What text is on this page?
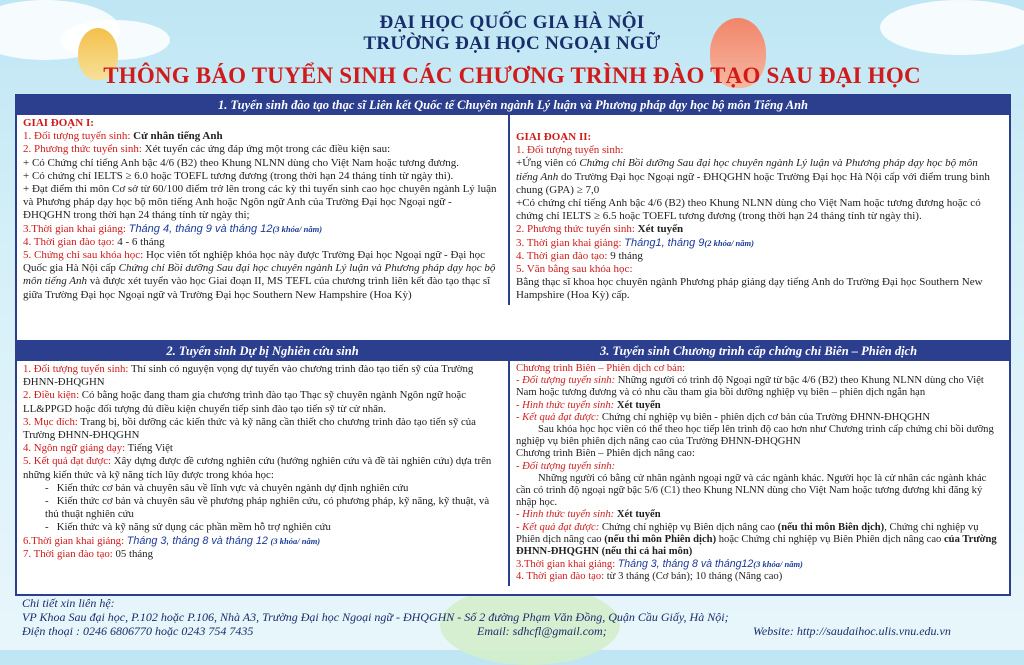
ĐẠI HỌC QUỐC GIA HÀ NỘI
TRƯỜNG ĐẠI HỌC NGOẠI NGỮ
THÔNG BÁO TUYỂN SINH CÁC CHƯƠNG TRÌNH ĐÀO TẠO SAU ĐẠI HỌC
1. Tuyển sinh đào tạo thạc sĩ Liên kết Quốc tế Chuyên ngành Lý luận và Phương pháp dạy học bộ môn Tiếng Anh
GIAI ĐOẠN I:
1. Đối tượng tuyển sinh: Cử nhân tiếng Anh
2. Phương thức tuyển sinh: Xét tuyển các ứng đáp ứng một trong các điều kiện sau:
+ Có Chứng chỉ tiếng Anh bậc 4/6 (B2) theo Khung NLNN dùng cho Việt Nam hoặc tương đương.
+ Có chứng chỉ IELTS ≥ 6.0 hoặc TOEFL tương đương (trong thời hạn 24 tháng tính từ ngày thi).
+ Đạt điểm thi môn Cơ sở từ 60/100 điểm trở lên trong các kỳ thi tuyển sinh cao học chuyên ngành Lý luận và Phương pháp dạy học bộ môn tiếng Anh hoặc Ngôn ngữ Anh của Trường Đại học Ngoại ngữ - ĐHQGHN trong thời hạn 24 tháng tính từ ngày thi;
3.Thời gian khai giảng: Tháng 4, tháng 9 và tháng 12(3 khóa/ năm)
4. Thời gian đào tạo: 4 - 6 tháng
5. Chứng chỉ sau khóa học: Học viên tốt nghiệp khóa học này được Trường Đại học Ngoại ngữ - Đại học Quốc gia Hà Nội cấp Chứng chỉ Bồi dưỡng Sau đại học chuyên ngành Lý luận và Phương pháp dạy học bộ môn tiếng Anh và được xét tuyển vào học Giai đoạn II, MS TEFL của chương trình liên kết đào tạo thạc sĩ giữa Trường Đại học Ngoại ngữ và Trường Đại học Southern New Hampshire (Hoa Kỳ)
GIAI ĐOẠN II:
1. Đối tượng tuyển sinh:
+Ứng viên có Chứng chỉ Bồi dưỡng Sau đại học chuyên ngành Lý luận và Phương pháp dạy học bộ môn tiếng Anh do Trường Đại học Ngoại ngữ - ĐHQGHN hoặc Trường Đại học Hà Nội cấp với điểm trung bình chung (GPA) ≥ 7,0
+Có chứng chỉ tiếng Anh bậc 4/6 (B2) theo Khung NLNN dùng cho Việt Nam hoặc tương đương hoặc có chứng chỉ IELTS ≥ 6.5 hoặc TOEFL tương đương (trong thời hạn 24 tháng tính từ ngày thi).
2. Phương thức tuyển sinh: Xét tuyển
3. Thời gian khai giảng: Tháng1, tháng 9(2 khóa/ năm)
4. Thời gian đào tạo: 9 tháng
5. Văn bằng sau khóa học:
Bằng thạc sĩ khoa học chuyên ngành Phương pháp giảng dạy tiếng Anh do Trường Đại học Southern New Hampshire (Hoa Kỳ) cấp.
2. Tuyển sinh Dự bị Nghiên cứu sinh	3. Tuyển sinh Chương trình cấp chứng chỉ Biên – Phiên dịch
1. Đối tượng tuyển sinh: Thí sinh có nguyện vọng dự tuyển vào chương trình đào tạo tiến sỹ của Trường ĐHNN-ĐHQGHN
2. Điều kiện: Có bằng hoặc đang tham gia chương trình đào tạo Thạc sỹ chuyên ngành Ngôn ngữ hoặc LL&PPGD hoặc đối tượng đủ điều kiện chuyển tiếp sinh đào tạo tiến sỹ từ cử nhân.
3. Mục đích: Trang bị, bồi dưỡng các kiến thức và kỹ năng cần thiết cho chương trình đào tạo tiến sỹ của Trường ĐHNN-ĐHQGHN
4. Ngôn ngữ giảng dạy: Tiếng Việt
5. Kết quả đạt được: Xây dựng được đề cương nghiên cứu (hướng nghiên cứu và đề tài nghiên cứu) dựa trên những kiến thức và kỹ năng tích lũy được trong khóa học:
-   Kiến thức cơ bản và chuyên sâu về lĩnh vực và chuyên ngành dự định nghiên cứu
-   Kiến thức cơ bản và chuyên sâu về phương pháp nghiên cứu, có phương pháp, kỹ năng, kỹ thuật, và thủ thuật nghiên cứu
-   Kiến thức và kỹ năng sử dụng các phần mềm hỗ trợ nghiên cứu
6.Thời gian khai giảng: Tháng 3, tháng 8 và tháng 12 (3 khóa/ năm)
7. Thời gian đào tạo: 05 tháng
Chương trình Biên – Phiên dịch cơ bản:
- Đối tượng tuyển sinh: Những người có trình độ Ngoại ngữ từ bậc 4/6 (B2) theo Khung NLNN dùng cho Việt Nam hoặc tương đương và có nhu cầu tham gia bồi dưỡng nghiệp vụ biên – phiên dịch ngắn hạn
- Hình thức tuyển sinh: Xét tuyển
- Kết quả đạt được: Chứng chỉ nghiệp vụ biên - phiên dịch cơ bản của Trường ĐHNN-ĐHQGHN
Sau khóa học học viên có thể theo học tiếp lên trình độ cao hơn như Chương trình cấp chứng chỉ bồi dưỡng nghiệp vụ biên phiên dịch nâng cao của Trường ĐHNN-ĐHQGHN
Chương trình Biên – Phiên dịch nâng cao:
- Đối tượng tuyển sinh:
Những người có bằng cử nhân ngành ngoại ngữ và các ngành khác. Người học là cử nhân các ngành khác cần có trình độ ngoại ngữ bậc 5/6 (C1) theo Khung NLNN dùng cho Việt Nam hoặc tương đương khi đăng ký nhập học.
- Hình thức tuyển sinh: Xét tuyển
- Kết quả đạt được: Chứng chỉ nghiệp vụ Biên dịch nâng cao (nếu thi môn Biên dịch), Chứng chỉ nghiệp vụ Phiên dịch nâng cao (nếu thi môn Phiên dịch) hoặc Chứng chỉ nghiệp vụ Biên Phiên dịch nâng cao của Trường ĐHNN-ĐHQGHN (nếu thi cả hai môn)
3.Thời gian khai giảng: Tháng 3, tháng 8 và tháng12(3 khóa/ năm)
4. Thời gian đào tạo: từ 3 tháng (Cơ bản); 10 tháng (Nâng cao)
Chi tiết xin liên hệ:
VP Khoa Sau đại học, P.102 hoặc P.106, Nhà A3, Trường Đại học Ngoại ngữ - ĐHQGHN - Số 2 đường Phạm Văn Đồng, Quận Cầu Giấy, Hà Nội;
Điện thoại : 0246 6806770 hoặc 0243 754 7435	Email: sdhcfl@gmail.com;	Website: http://saudaihoc.ulis.vnu.edu.vn
